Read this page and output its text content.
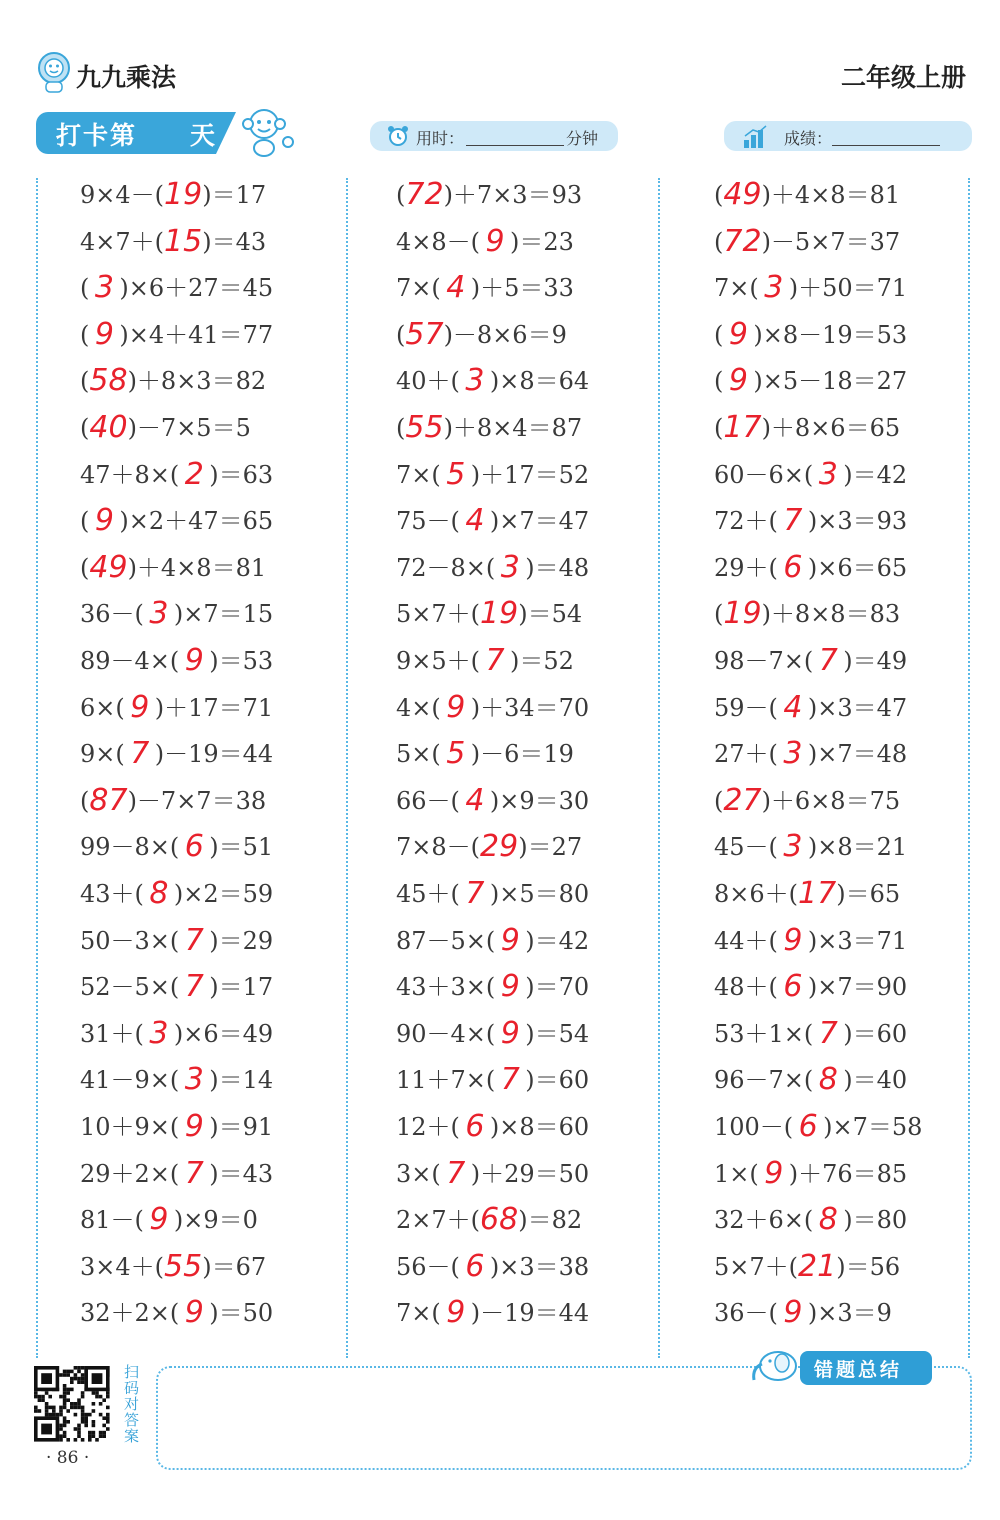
九九乘法	二年级上册
打卡第 天	用时：	分钟	成绩：
9×4－(19)＝17
4×7＋(15)＝43
( 3 )×6＋27＝45
( 9 )×4＋41＝77
(58)＋8×3＝82
(40)－7×5＝5
47＋8×( 2 )＝63
( 9 )×2＋47＝65
(49)＋4×8＝81
36－( 3 )×7＝15
89－4×( 9 )＝53
6×( 9 )＋17＝71
9×( 7 )－19＝44
(87)－7×7＝38
99－8×( 6 )＝51
43＋( 8 )×2＝59
50－3×( 7 )＝29
52－5×( 7 )＝17
31＋( 3 )×6＝49
41－9×( 3 )＝14
10＋9×( 9 )＝91
29＋2×( 7 )＝43
81－( 9 )×9＝0
3×4＋(55)＝67
32＋2×( 9 )＝50
(72)＋7×3＝93
4×8－( 9 )＝23
7×( 4 )＋5＝33
(57)－8×6＝9
40＋( 3 )×8＝64
(55)＋8×4＝87
7×( 5 )＋17＝52
75－( 4 )×7＝47
72－8×( 3 )＝48
5×7＋(19)＝54
9×5＋( 7 )＝52
4×( 9 )＋34＝70
5×( 5 )－6＝19
66－( 4 )×9＝30
7×8－(29)＝27
45＋( 7 )×5＝80
87－5×( 9 )＝42
43＋3×( 9 )＝70
90－4×( 9 )＝54
11＋7×( 7 )＝60
12＋( 6 )×8＝60
3×( 7 )＋29＝50
2×7＋(68)＝82
56－( 6 )×3＝38
7×( 9 )－19＝44
(49)＋4×8＝81
(72)－5×7＝37
7×( 3 )＋50＝71
( 9 )×8－19＝53
( 9 )×5－18＝27
(17)＋8×6＝65
60－6×( 3 )＝42
72＋( 7 )×3＝93
29＋( 6 )×6＝65
(19)＋8×8＝83
98－7×( 7 )＝49
59－( 4 )×3＝47
27＋( 3 )×7＝48
(27)＋6×8＝75
45－( 3 )×8＝21
8×6＋(17)＝65
44＋( 9 )×3＝71
48＋( 6 )×7＝90
53＋1×( 7 )＝60
96－7×( 8 )＝40
100－( 6 )×7＝58
1×( 9 )＋76＝85
32＋6×( 8 )＝80
5×7＋(21)＝56
36－( 9 )×3＝9
错题总结
扫码对答案
· 86 ·
